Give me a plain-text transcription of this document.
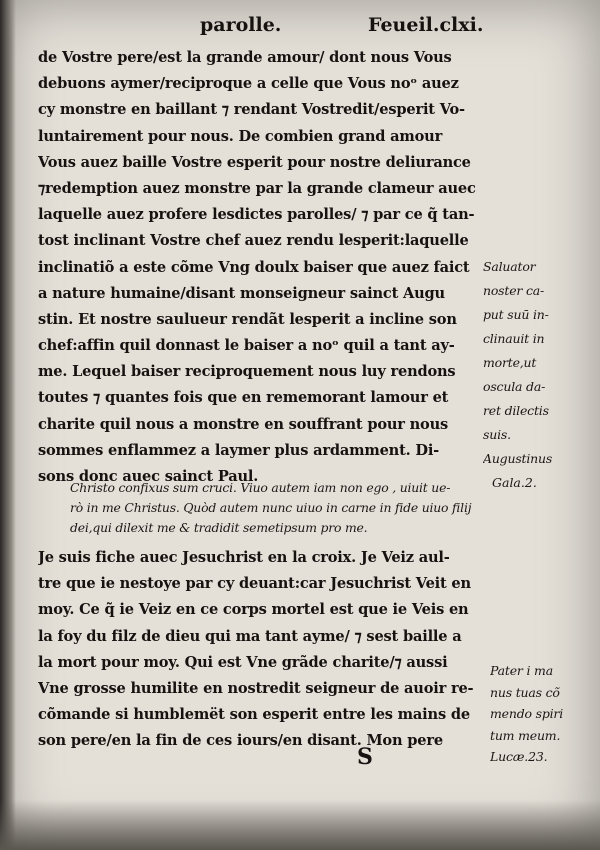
parolle.	Feueil.clxi.
de Vostre pere/est la grande amour/ dont nous Vous
debuons aymer/reciproque a celle que Vous noᵒ auez
cy monstre en baillant ⁊ rendant Vostredit/esperit Vo-
luntairement pour nous. De combien grand amour
Vous auez baille Vostre esperit pour nostre deliurance
⁊redemption auez monstre par la grande clameur auec
laquelle auez profere lesdictes parolles/ ⁊ par ce q̃ tan-
tost inclinant Vostre chef auez rendu lesperit:laquelle
inclinatiõ a este cõme Vng doulx baiser que auez faict
a nature humaine/disant monseigneur sainct Augu
stin. Et nostre saulueur rendãt lesperit a incline son
chef:affin quil donnast le baiser a noᵒ quil a tant ay-
me. Lequel baiser reciproquement nous luy rendons
toutes ⁊ quantes fois que en rememorant lamour et
charite quil nous a monstre en souffrant pour nous
sommes enflammez a laymer plus ardamment. Di-
sons donc auec sainct Paul.
Christo confixus sum cruci. Viuo autem iam non ego , uiuit ue-
rò in me Christus. Quòd autem nunc uiuo in carne in fide uiuo filij
dei,qui dilexit me & tradidit semetipsum pro me.
Je suis fiche auec Jesuchrist en la croix. Je Veiz aul-
tre que ie nestoye par cy deuant:car Jesuchrist Veit en
moy. Ce q̃ ie Veiz en ce corps mortel est que ie Veis en
la foy du filz de dieu qui ma tant ayme/ ⁊ sest baille a
la mort pour moy. Qui est Vne grãde charite/⁊ aussi
Vne grosse humilite en nostredit seigneur de auoir re-
cõmande si humblemët son esperit entre les mains de
son pere/en la fin de ces iours/en disant. Mon pere
Saluator
noster ca-
put suū in-
clinauit in
morte,ut
oscula da-
ret dilectis
suis.
Augustinus
Gala.2.
Pater i ma
nus tuas cõ
mendo spiri
tum meum.
Lucæ.23.
S
